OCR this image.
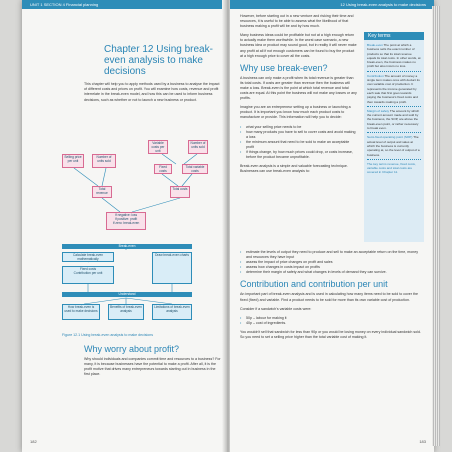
UNIT 1 SECTION 4 Financial planning
Chapter 12 Using break-even analysis to make decisions
This chapter will help you to apply methods used by a business to analyse the impact of different costs and prices on profit. You will examine how costs, revenue and profit interrelate in the break-even model, and how this can be used to inform business decisions, such as whether or not to launch a new business or product.
Variable costs per unit
Number of units sold
Selling price per unit
Number of units sold
Fixed costs
Total variable costs
Total revenue
Total costs
If negative: loss
If positive: profit
If zero: break-even
Break-even
Calculate break-even mathematically
Fixed costs
Contribution per unit
Draw break-even charts
Understand
How break-even is used to make decisions
Benefits of break-even analysis
Limitations of break-even analysis
Figure 12.1 Using break-even analysis to make decisions
Why worry about profit?

Why should individuals and companies commit time and resources to a business? For many, it is because businesses have the potential to make a profit. After all, it is the profit motive that drives many entrepreneurs towards starting out in business in the first place.

182
12 Using break-even analysis to make decisions

However, before starting out in a new venture and risking their time and resources, it is useful to be able to assess what the likelihood of that business making a profit will be and by how much.

Many business ideas could be profitable but not at a high enough return to actually make them worthwhile. In the worst case scenario, a new business idea or product may sound good, but in reality it will never make any profit at all if not enough customers can be found to buy the product at a high enough price to cover all the costs.

Why use break-even?

A business can only make a profit when its total revenue is greater than its total costs. If costs are greater than revenue then the business will make a loss. Break-even is the point at which total revenue and total costs are equal. At this point the business will not make any losses or any profits.

Imagine you are an entrepreneur setting up a business or launching a product. It is important you know how much each product costs to manufacture or provide. This information will help you to decide:

• what your selling price needs to be

• how many products you have to sell to cover costs and avoid making a loss

• the minimum amount that need to be sold to make an acceptable profit

• if things change, by how much prices could drop, or costs increase, before the product became unprofitable.

Break-even analysis is a simple and valuable forecasting technique. Businesses can use break-even analysis to:

Key terms
Break-even The point at which a business sells the exact number of products so that its total revenue equals its total costs. In other words, at break-even, the business makes no profit but also incurs no loss.
Contribution The amount of money a single item makes once with deduct its own variable cost of production. It represents the income generated by each sale that first goes towards paying the business's fixed costs and then towards making a profit.
Margin of safety The amount by which the current amount made and sold by the business, the SOP, are above the break-even point, or rather necessary to break even.
Semi-fixed operating point (SOP) The actual level of output and sales at which the business is currently operating at, so the level of output of a business.
The key terms revenue, fixed costs, variable costs and total costs are covered in Chapter 11.

• estimate the levels of output they need to produce and sell to make an acceptable return on the time, money and resources they have input

• assess the impact of price changes on profit and sales

• assess how changes in costs impact on profits

• determine their margin of safety and what changes in levels of demand they can survive.

Contribution and contribution per unit

An important part of break-even analysis and is used in calculating how many items need to be sold to cover the fixed (fixed) and variable. Find a product needs to be sold for more than its own variable cost of production.

Consider if a sandwich's variable costs were:

• 50p – labour for making it

• 40p – cost of ingredients.

You wouldn't sell that sandwich for less than 90p or you would be losing money on every individual sandwich sold. So you need to set a selling price higher than the total variable cost of making it.

183
